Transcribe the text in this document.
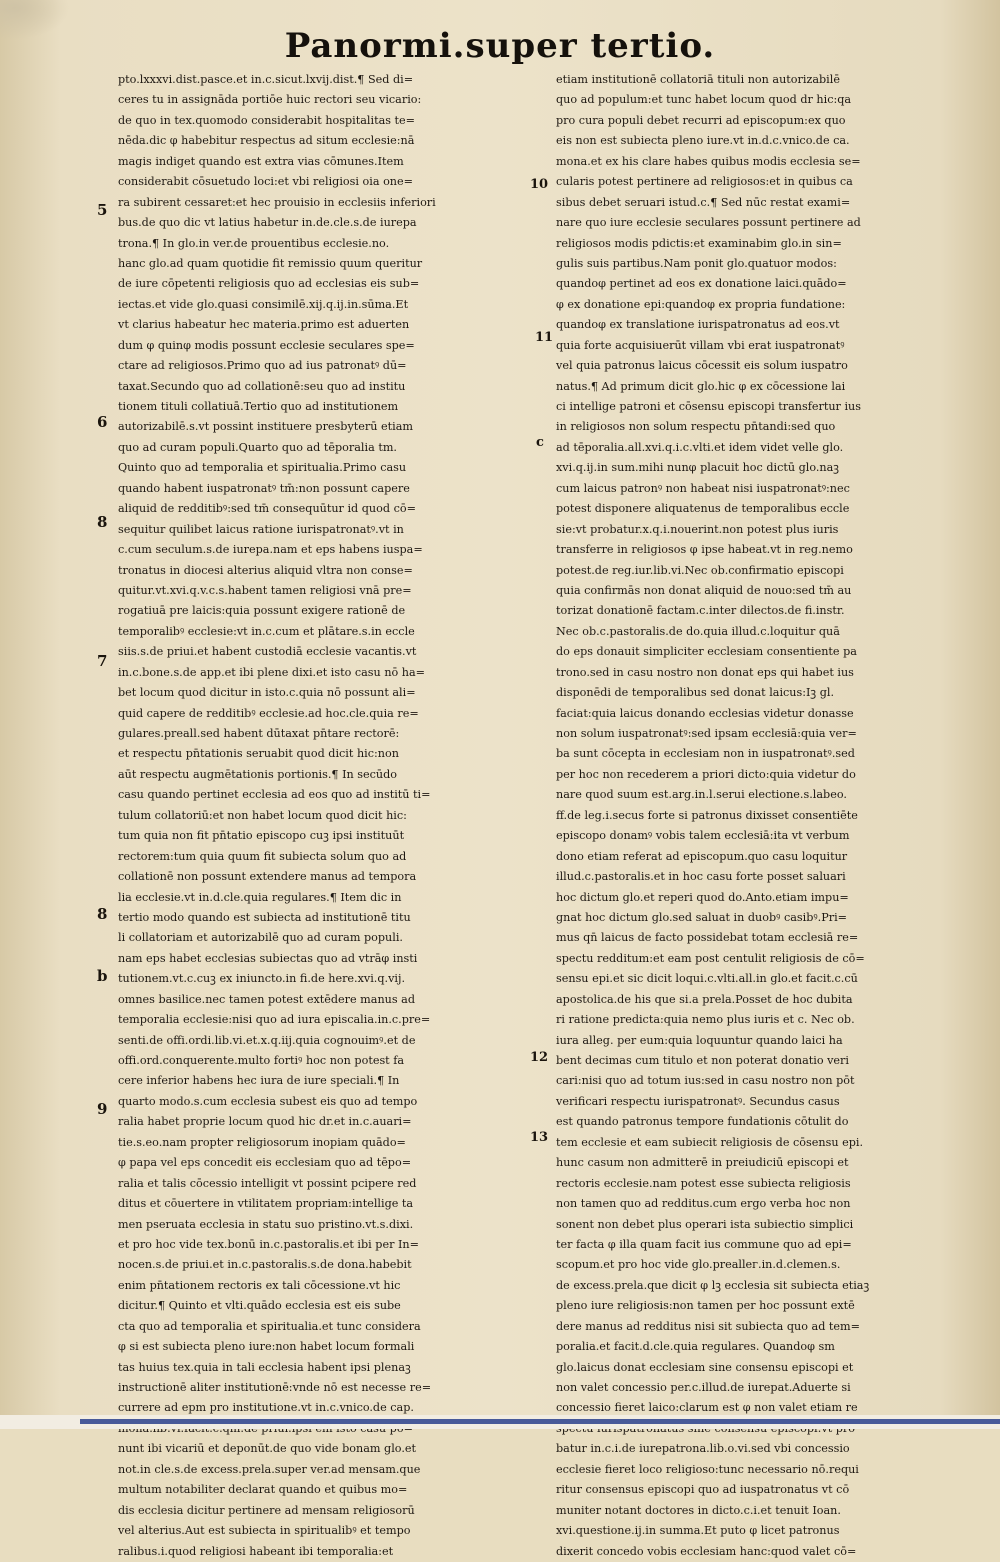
Panormi.super tertio.
pto.lxxxvi.dist.pasce.et in.c.sicut.lxvij.dist.¶ Sed di=
ceres tu in assignāda portiōe huic rectori seu vicario:
de quo in tex.quomodo considerabit hospitalitas te=
nēda.dic φ habebitur respectus ad situm ecclesie:nā
magis indiget quando est extra vias cōmunes.Item
considerabit cōsuetudo loci:et vbi religiosi oia one=
ra subirent cessaret:et hec prouisio in ecclesiis inferiori
bus.de quo dic vt latius habetur in.de.cle.s.de iurepa
trona.¶ In glo.in ver.de prouentibus ecclesie.no.
hanc glo.ad quam quotidie fit remissio quum queritur
de iure cōpetenti religiosis quo ad ecclesias eis sub=
iectas.et vide glo.quasi consimilē.xij.q.ij.in.sūma.Et
vt clarius habeatur hec materia.primo est aduerten
dum φ quinφ modis possunt ecclesie seculares spe=
ctare ad religiosos.Primo quo ad ius patronatꝰ dū=
taxat.Secundo quo ad collationē:seu quo ad institu
tionem tituli collatiuā.Tertio quo ad institutionem
autorizabilē.s.vt possint instituere presbyterū etiam
quo ad curam populi.Quarto quo ad tēporalia tm.
Quinto quo ad temporalia et spiritualia.Primo casu
quando habent iuspatronatꝰ tm̄:non possunt capere
aliquid de redditibꝰ:sed tm̄ consequūtur id quod cō=
sequitur quilibet laicus ratione iurispatronatꝰ.vt in
c.cum seculum.s.de iurepa.nam et eps habens iuspa=
tronatus in diocesi alterius aliquid vltra non conse=
quitur.vt.xvi.q.v.c.s.habent tamen religiosi vnā pre=
rogatiuā pre laicis:quia possunt exigere rationē de
temporalibꝰ ecclesie:vt in.c.cum et plātare.s.in eccle
siis.s.de priui.et habent custodiā ecclesie vacantis.vt
in.c.bone.s.de app.et ibi plene dixi.et isto casu nō ha=
bet locum quod dicitur in isto.c.quia nō possunt ali=
quid capere de redditibꝰ ecclesie.ad hoc.cle.quia re=
gulares.preall.sed habent dūtaxat pn̄tare rectorē:
et respectu pn̄tationis seruabit quod dicit hic:non
aūt respectu augmētationis portionis.¶ In secūdo
casu quando pertinet ecclesia ad eos quo ad institū ti=
tulum collatoriū:et non habet locum quod dicit hic:
tum quia non fit pn̄tatio episcopo cuꝫ ipsi instituūt
rectorem:tum quia quum fit subiecta solum quo ad
collationē non possunt extendere manus ad tempora
lia ecclesie.vt in.d.cle.quia regulares.¶ Item dic in
tertio modo quando est subiecta ad institutionē titu
li collatoriam et autorizabilē quo ad curam populi.
nam eps habet ecclesias subiectas quo ad vtrāφ insti
tutionem.vt.c.cuꝫ ex iniuncto.in fi.de here.xvi.q.vij.
omnes basilice.nec tamen potest extēdere manus ad
temporalia ecclesie:nisi quo ad iura episcalia.in.c.pre=
senti.de offi.ordi.lib.vi.et.x.q.iij.quia cognouimꝰ.et de
offi.ord.conquerente.multo fortiꝰ hoc non potest fa
cere inferior habens hec iura de iure speciali.¶ In
quarto modo.s.cum ecclesia subest eis quo ad tempo
ralia habet proprie locum quod hic dr.et in.c.auari=
tie.s.eo.nam propter religiosorum inopiam quādo=
φ papa vel eps concedit eis ecclesiam quo ad tēpo=
ralia et talis cōcessio intelligit vt possint pcipere red
ditus et cōuertere in vtilitatem propriam:intellige ta
men pseruata ecclesia in statu suo pristino.vt.s.dixi.
et pro hoc vide tex.bonū in.c.pastoralis.et ibi per In=
nocen.s.de priui.et in.c.pastoralis.s.de dona.habebit
enim pn̄tationem rectoris ex tali cōcessione.vt hic
dicitur.¶ Quinto et vlti.quādo ecclesia est eis sube
cta quo ad temporalia et spiritualia.et tunc considera
φ si est subiecta pleno iure:non habet locum formali
tas huius tex.quia in tali ecclesia habent ipsi plenaꝫ
instructionē aliter institutionē:vnde nō est necesse re=
currere ad epm pro institutione.vt in.c.vnico.de cap.
nunt ibi vicariū et deponūt.de quo vide bonam glo.et
not.in cle.s.de excess.prela.super ver.ad mensam.que
multum notabiliter declarat quando et quibus mo=
dis ecclesia dicitur pertinere ad mensam religiosorū
vel alterius.Aut est subiecta in spiritualibꝰ et tempo
ralibus.i.quod religiosi habeant ibi temporalia:et
etiam institutionē collatoriā tituli non autorizabilē
quo ad populum:et tunc habet locum quod dr hic:qa
pro cura populi debet recurri ad episcopum:ex quo
eis non est subiecta pleno iure.vt in.d.c.vnico.de ca.
mona.et ex his clare habes quibus modis ecclesia se=
cularis potest pertinere ad religiosos:et in quibus ca
sibus debet seruari istud.c.¶ Sed nūc restat exami=
nare quo iure ecclesie seculares possunt pertinere ad
religiosos modis pdictis:et examinabim glo.in sin=
gulis suis partibus.Nam ponit glo.quatuor modos:
quandoφ pertinet ad eos ex donatione laici.quādo=
φ ex donatione epi:quandoφ ex propria fundatione:
quandoφ ex translatione iurispatronatus ad eos.vt
quia forte acquisiuerūt villam vbi erat iuspatronatꝰ
vel quia patronus laicus cōcessit eis solum iuspatro
natus.¶ Ad primum dicit glo.hic φ ex cōcessione lai
ci intellige patroni et cōsensu episcopi transfertur ius
in religiosos non solum respectu pn̄tandi:sed quo
ad tēporalia.all.xvi.q.i.c.vlti.et idem videt velle glo.
xvi.q.ij.in sum.mihi nunφ placuit hoc dictū glo.naꝫ
cum laicus patronꝰ non habeat nisi iuspatronatꝰ:nec
potest disponere aliquatenus de temporalibus eccle
sie:vt probatur.x.q.i.nouerint.non potest plus iuris
transferre in religiosos φ ipse habeat.vt in reg.nemo
potest.de reg.iur.lib.vi.Nec ob.confirmatio episcopi
quia confirmās non donat aliquid de nouo:sed tm̄ au
torizat donationē factam.c.inter dilectos.de fi.instr.
Nec ob.c.pastoralis.de do.quia illud.c.loquitur quā
do eps donauit simpliciter ecclesiam consentiente pa
trono.sed in casu nostro non donat eps qui habet ius
disponēdi de temporalibus sed donat laicus:Iꝫ gl.
faciat:quia laicus donando ecclesias videtur donasse
non solum iuspatronatꝰ:sed ipsam ecclesiā:quia ver=
ba sunt cōcepta in ecclesiam non in iuspatronatꝰ.sed
per hoc non recederem a priori dicto:quia videtur do
nare quod suum est.arg.in.l.serui electione.s.labeo.
ff.de leg.i.secus forte si patronus dixisset consentiēte
episcopo donamꝰ vobis talem ecclesiā:ita vt verbum
dono etiam referat ad episcopum.quo casu loquitur
illud.c.pastoralis.et in hoc casu forte posset saluari
hoc dictum glo.et reperi quod do.Anto.etiam impu=
gnat hoc dictum glo.sed saluat in duobꝰ casibꝰ.Pri=
mus qn̄ laicus de facto possidebat totam ecclesiā re=
spectu redditum:et eam post centulit religiosis de cō=
sensu epi.et sic dicit loqui.c.vlti.all.in glo.et facit.c.cū
apostolica.de his que si.a prela.Posset de hoc dubita
ri ratione predicta:quia nemo plus iuris et c. Nec ob.
iura alleg. per eum:quia loquuntur quando laici ha
bent decimas cum titulo et non poterat donatio veri
cari:nisi quo ad totum ius:sed in casu nostro non pōt
verificari respectu iurispatronatꝰ. Secundus casus
est quando patronus tempore fundationis cōtulit do
tem ecclesie et eam subiecit religiosis de cōsensu epi.
hunc casum non admitterē in preiudiciū episcopi et
rectoris ecclesie.nam potest esse subiecta religiosis
non tamen quo ad redditus.cum ergo verba hoc non
sonent non debet plus operari ista subiectio simplici
ter facta φ illa quam facit ius commune quo ad epi=
scopum.et pro hoc vide glo.preallег.in.d.clemen.s.
de excess.prela.que dicit φ lꝫ ecclesia sit subiecta etiaꝫ
pleno iure religiosis:non tamen per hoc possunt extē
dere manus ad redditus nisi sit subiecta quo ad tem=
poralia.et facit.d.cle.quia regulares. Quandoφ sm
glo.laicus donat ecclesiam sine consensu episcopi et
non valet concessio per.c.illud.de iurepat.Aduerte si
concessio fieret laico:clarum est φ non valet etiam re
batur in.c.i.de iurepatrona.lib.o.vi.sed vbi concessio
ecclesie fieret loco religioso:tunc necessario nō.requi
ritur consensus episcopi quo ad iuspatronatus vt cō
muniter notant doctores in dicto.c.i.et tenuit Ioan.
xvi.questione.ij.in summa.Et puto φ licet patronus
dixerit concedo vobis ecclesiam hanc:quod valet cō=
5
6
8
7
8
b
9
10
11
c
12
13
